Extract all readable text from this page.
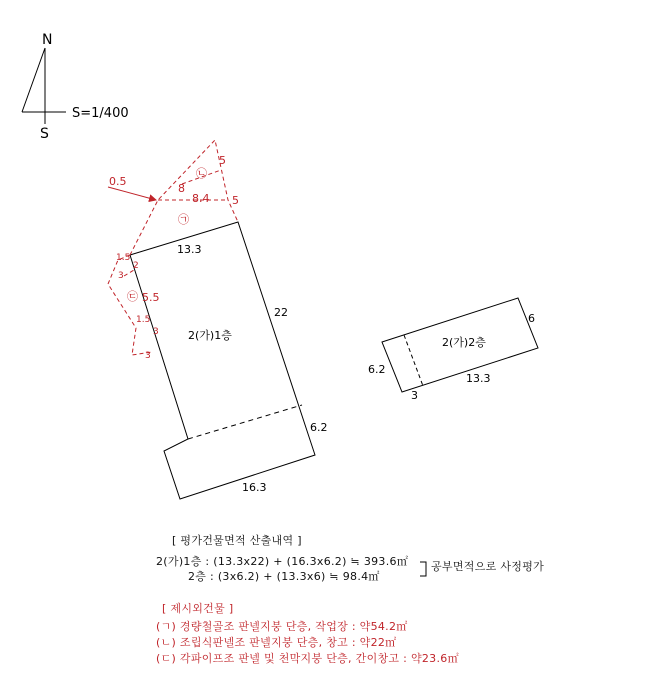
N
S
S=1/400
2(가)1층
13.3
22
6.2
16.3
2(가)2층
6
6.2
3
13.3
0.5
㉠
㉡
㉢
8
8.4 5
5
1.5
2
3
5.5
1.5
3
3
[ 평가건물면적 산출내역 ]
2(가)1층 : (13.3x22) + (16.3x6.2) ≒ 393.6㎡
2층 : (3x6.2) + (13.3x6) ≒ 98.4㎡
공부면적으로 사정평가
[ 제시외건물 ]
(ㄱ) 경량철골조 판넬지붕 단층, 작업장 : 약54.2㎡
(ㄴ) 조립식판넬조 판넬지붕 단층, 창고 : 약22㎡
(ㄷ) 각파이프조 판넬 및 천막지붕 단층, 간이창고 : 약23.6㎡
